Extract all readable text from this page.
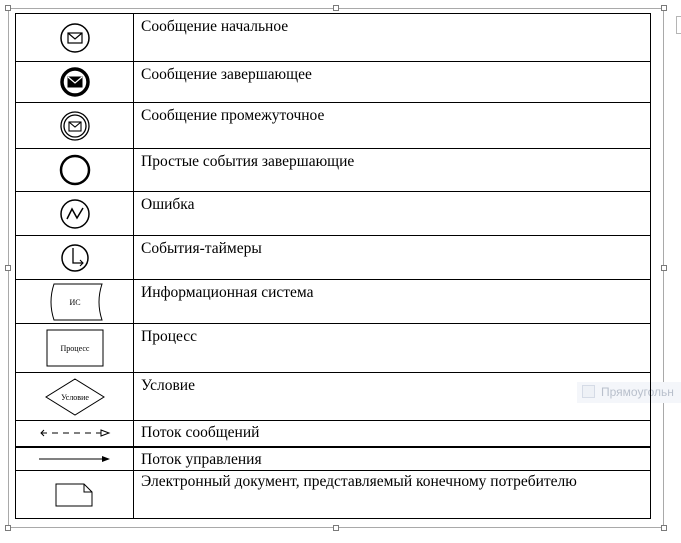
Прямоугольн
	Сообщение начальное

	Сообщение завершающее

	Сообщение промежуточное

	Простые события завершающие

	Ошибка

	События-таймеры

ИС	Информационная система

Процесс	Процесс

Условие	Условие

	Поток сообщений

	Поток управления

	Электронный документ, представляемый конечному потребителю
